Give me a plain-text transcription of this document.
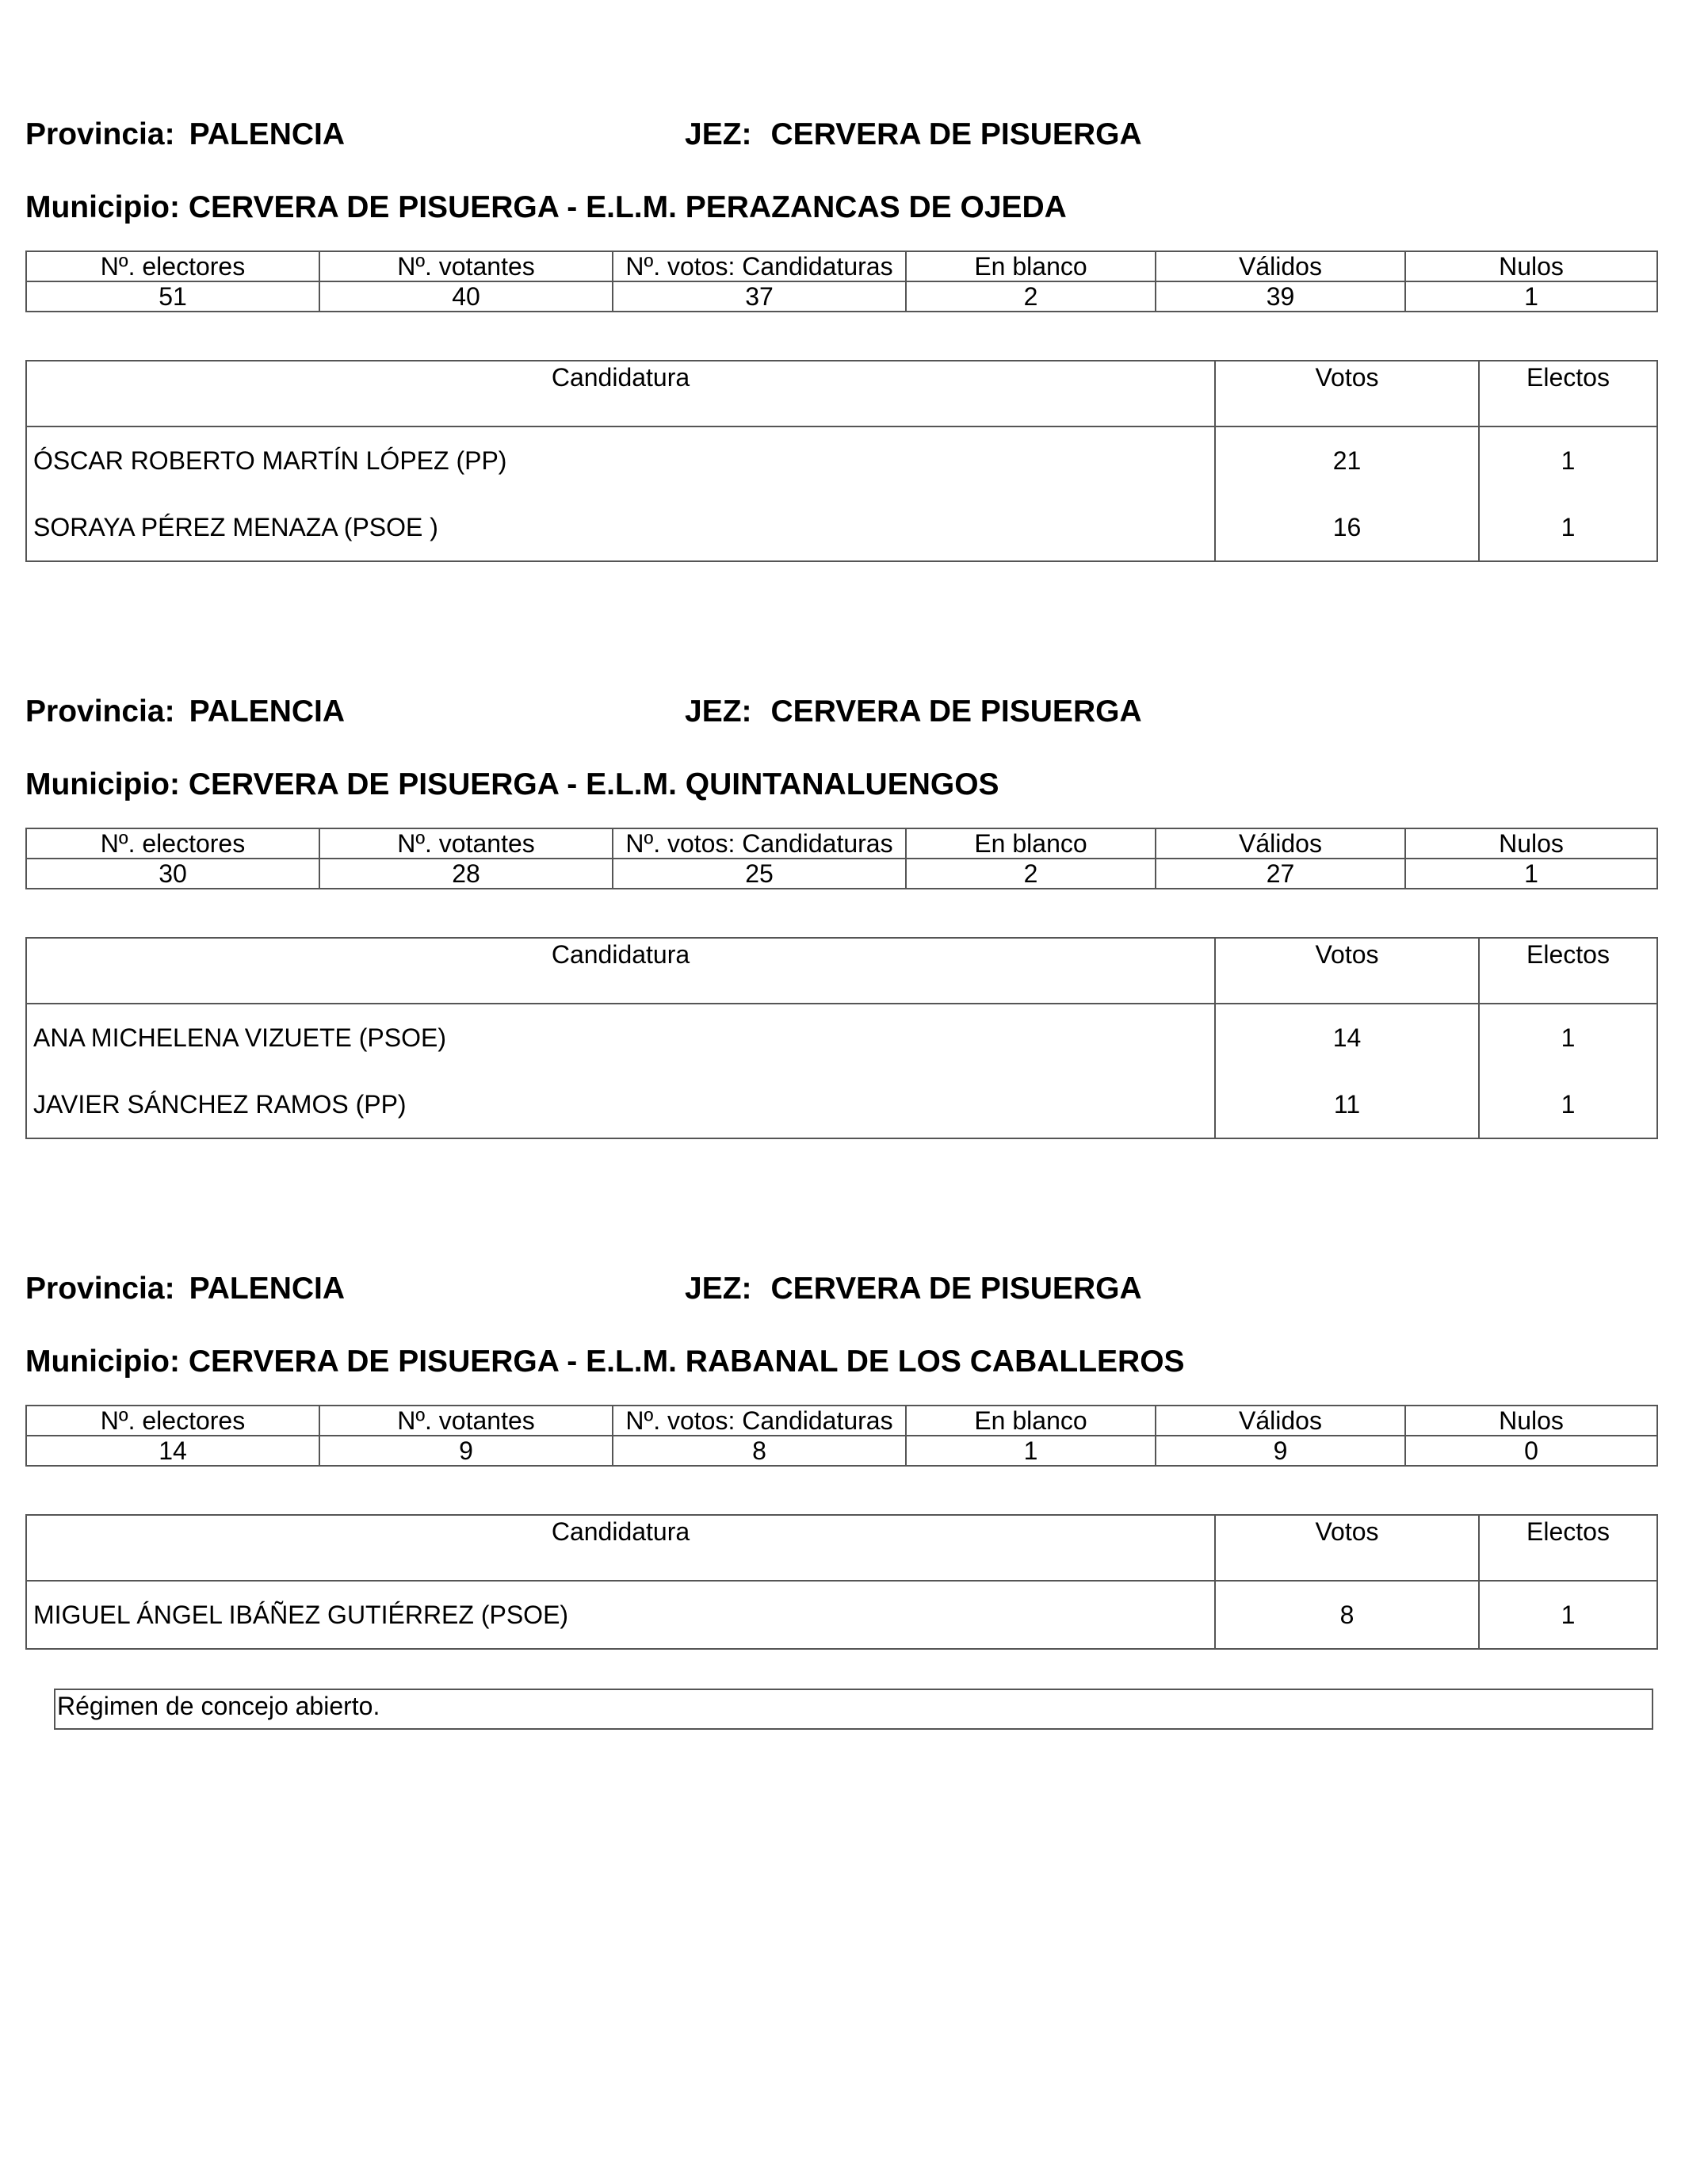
Provincia: PALENCIA	JEZ: CERVERA DE PISUERGA
Municipio: CERVERA DE PISUERGA - E.L.M. PERAZANCAS DE OJEDA
Nº. electores	Nº. votantes	Nº. votos: Candidaturas	En blanco	Válidos	Nulos
51	40	37	2	39	1
Candidatura	Votos	Electos
ÓSCAR ROBERTO MARTÍN LÓPEZ (PP)	21	1
SORAYA PÉREZ MENAZA (PSOE )	16	1
Provincia: PALENCIA	JEZ: CERVERA DE PISUERGA
Municipio: CERVERA DE PISUERGA - E.L.M. QUINTANALUENGOS
Nº. electores	Nº. votantes	Nº. votos: Candidaturas	En blanco	Válidos	Nulos
30	28	25	2	27	1
Candidatura	Votos	Electos
ANA MICHELENA VIZUETE (PSOE)	14	1
JAVIER SÁNCHEZ RAMOS (PP)	11	1
Provincia: PALENCIA	JEZ: CERVERA DE PISUERGA
Municipio: CERVERA DE PISUERGA - E.L.M. RABANAL DE LOS CABALLEROS
Nº. electores	Nº. votantes	Nº. votos: Candidaturas	En blanco	Válidos	Nulos
14	9	8	1	9	0
Candidatura	Votos	Electos
MIGUEL ÁNGEL IBÁÑEZ GUTIÉRREZ (PSOE)	8	1
Régimen de concejo abierto.
